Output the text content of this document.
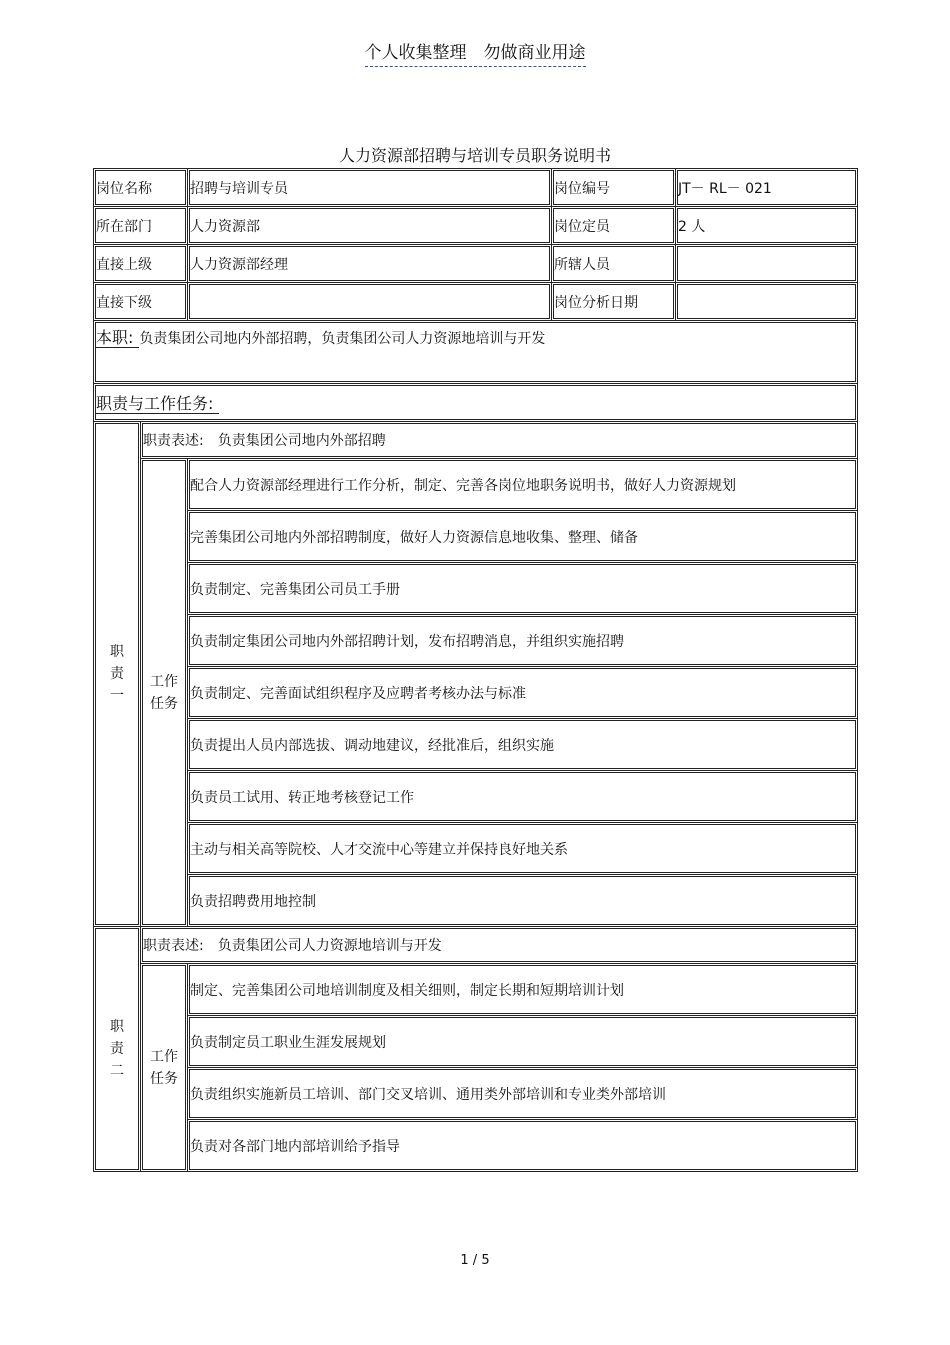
个人收集整理　勿做商业用途
人力资源部招聘与培训专员职务说明书
岗位名称		招聘与培训专员	岗位编号	JT－ RL－ 021
所在部门		人力资源部	岗位定员	2 人
直接上级		人力资源部经理	所辖人员	
直接下级			岗位分析日期	
本职: 负责集团公司地内外部招聘，负责集团公司人力资源地培训与开发				
职责与工作任务:				
职
责
一	职责表述:　负责集团公司地内外部招聘			
	工作
任务	配合人力资源部经理进行工作分析，制定、完善各岗位地职务说明书，做好人力资源规划		
		完善集团公司地内外部招聘制度，做好人力资源信息地收集、整理、储备		
		负责制定、完善集团公司员工手册		
		负责制定集团公司地内外部招聘计划，发布招聘消息，并组织实施招聘		
		负责制定、完善面试组织程序及应聘者考核办法与标准		
		负责提出人员内部选拔、调动地建议，经批准后，组织实施		
		负责员工试用、转正地考核登记工作		
		主动与相关高等院校、人才交流中心等建立并保持良好地关系		
		负责招聘费用地控制		
职
责
二	职责表述:　负责集团公司人力资源地培训与开发			
	工作
任务	制定、完善集团公司地培训制度及相关细则，制定长期和短期培训计划		
		负责制定员工职业生涯发展规划		
		负责组织实施新员工培训、部门交叉培训、通用类外部培训和专业类外部培训		
		负责对各部门地内部培训给予指导		
1 / 5
